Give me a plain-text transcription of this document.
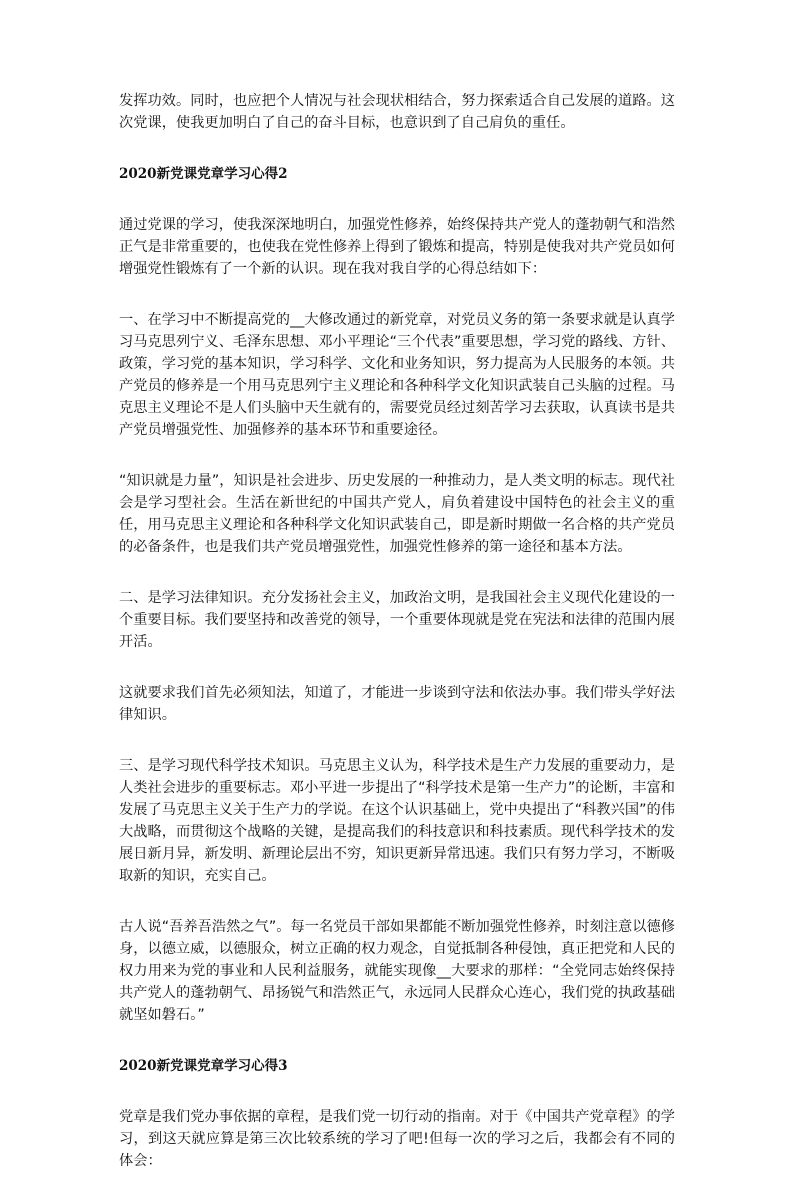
发挥功效。同时，也应把个人情况与社会现状相结合，努力探索适合自己发展的道路。这次党课，使我更加明白了自己的奋斗目标，也意识到了自己肩负的重任。

2020新党课党章学习心得2

通过党课的学习，使我深深地明白，加强党性修养，始终保持共产党人的蓬勃朝气和浩然正气是非常重要的，也使我在党性修养上得到了锻炼和提高，特别是使我对共产党员如何增强党性锻炼有了一个新的认识。现在我对我自学的心得总结如下：

一、在学习中不断提高党的__大修改通过的新党章，对党员义务的第一条要求就是认真学习马克思列宁义、毛泽东思想、邓小平理论“三个代表”重要思想，学习党的路线、方针、政策，学习党的基本知识，学习科学、文化和业务知识，努力提高为人民服务的本领。共产党员的修养是一个用马克思列宁主义理论和各种科学文化知识武装自己头脑的过程。马克思主义理论不是人们头脑中天生就有的，需要党员经过刻苦学习去获取，认真读书是共产党员增强党性、加强修养的基本环节和重要途径。

“知识就是力量”，知识是社会进步、历史发展的一种推动力，是人类文明的标志。现代社会是学习型社会。生活在新世纪的中国共产党人，肩负着建设中国特色的社会主义的重任，用马克思主义理论和各种科学文化知识武装自己，即是新时期做一名合格的共产党员的必备条件，也是我们共产党员增强党性，加强党性修养的第一途径和基本方法。

二、是学习法律知识。充分发扬社会主义，加政治文明，是我国社会主义现代化建设的一个重要目标。我们要坚持和改善党的领导，一个重要体现就是党在宪法和法律的范围内展开活。

这就要求我们首先必须知法，知道了，才能进一步谈到守法和依法办事。我们带头学好法律知识。

三、是学习现代科学技术知识。马克思主义认为，科学技术是生产力发展的重要动力，是人类社会进步的重要标志。邓小平进一步提出了“科学技术是第一生产力”的论断，丰富和发展了马克思主义关于生产力的学说。在这个认识基础上，党中央提出了“科教兴国”的伟大战略，而贯彻这个战略的关键，是提高我们的科技意识和科技素质。现代科学技术的发展日新月异，新发明、新理论层出不穷，知识更新异常迅速。我们只有努力学习，不断吸取新的知识，充实自己。

古人说“吾养吾浩然之气”。每一名党员干部如果都能不断加强党性修养，时刻注意以德修身，以德立威，以德服众，树立正确的权力观念，自觉抵制各种侵蚀，真正把党和人民的权力用来为党的事业和人民利益服务，就能实现像__大要求的那样：“全党同志始终保持共产党人的蓬勃朝气、昂扬锐气和浩然正气，永远同人民群众心连心，我们党的执政基础就坚如磐石。”

2020新党课党章学习心得3

党章是我们党办事依据的章程，是我们党一切行动的指南。对于《中国共产党章程》的学习，到这天就应算是第三次比较系统的学习了吧!但每一次的学习之后，我都会有不同的体会：
